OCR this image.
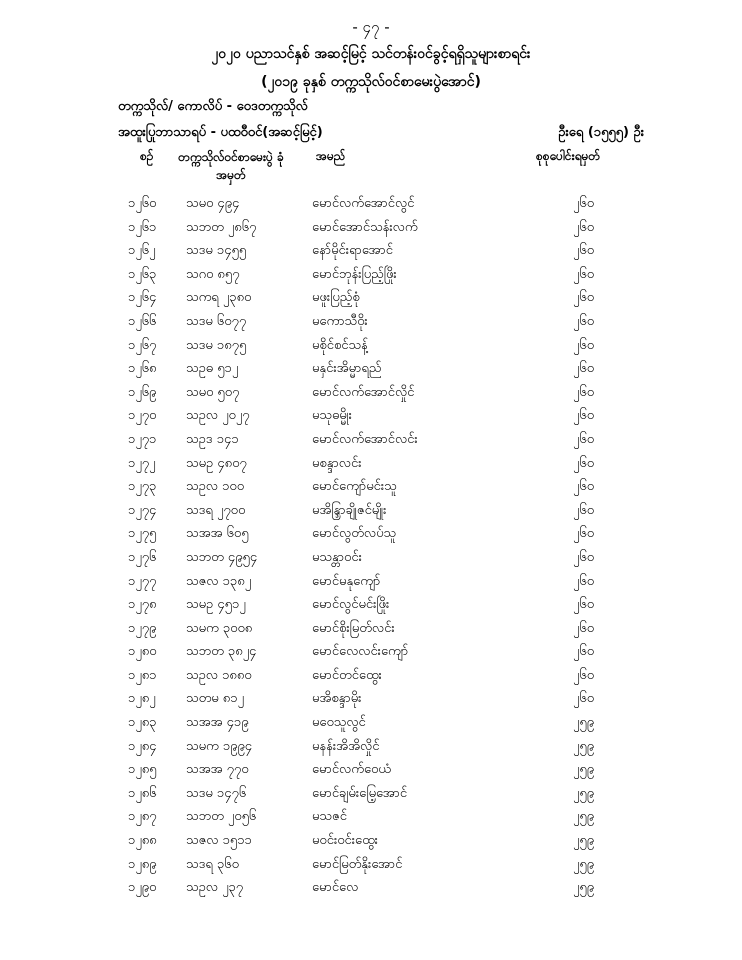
- ၄၇ -
၂၀၂၀ ပညာသင်နှစ် အဆင့်မြင့် သင်တန်းဝင်ခွင့်ရရှိသူများစာရင်း
(၂၀၁၉ ခုနှစ် တက္ကသိုလ်ဝင်စာမေးပွဲအောင်)
တက္ကသိုလ်/ ကောလိပ် - ဝေဒတက္ကသိုလ်
အထူးပြုဘာသာရပ် - ပထဝီဝင်(အဆင့်မြင့်)	ဦးရေ (၁၅၅၅) ဦး
စဉ် တက္ကသိုလ်ဝင်စာမေးပွဲ ခုံအမှတ်
အမည်	စုစုပေါင်းရမှတ်
၁၂၆၀ သမဝ ၄၉၄	မောင်လက်အောင်လွင်	၂၆၀
၁၂၆၁ သဘတ ၂၈၆၇	မောင်အောင်သန်းလက်	၂၆၀
၁၂၆၂ သဒမ ၁၄၅၅	နော်မိုင်းရာအောင်	၂၆၀
၁၂၆၃ သဂဝ ၈၅၇	မောင်ဘုန်းပြည့်ဖြိုး	၂၆၀
၁၂၆၄ သကရ ၂၃၈၀	မဖူးပြည့်စုံ	၂၆၀
၁၂၆၆ သဒမ ၆၀၇၇	မကောသီဝိုး	၂၆၀
၁၂၆၇ သဒမ ၁၈၇၅	မစိုင်စင်သန့်	၂၆၀
၁၂၆၈ သဥဓ ၅၁၂	မနှင်းအိမ္မာရည်	၂၆၀
၁၂၆၉ သမဝ ၅၀၇	မောင်လက်အောင်လှိုင်	၂၆၀
၁၂၇၀ သဥလ ၂၀၂၇	မသုဓမ္မိုး	၂၆၀
၁၂၇၁ သဥဒ ၁၄၁	မောင်လက်အောင်လင်း	၂၆၀
၁၂၇၂ သမဥ ၄၈၀၇	မစန္ဒာလင်း	၂၆၀
၁၂၇၃ သဥလ ၁၀၀	မောင်ကျော်မင်းသူ	၂၆၀
၁၂၇၄ သဒရ ၂၇၀၀	မအိန္ဒြာချိုဇင်မျိုး	၂၆၀
၁၂၇၅ သအအ ၆၀၅	မောင်လွတ်လပ်သူ	၂၆၀
၁၂၇၆ သဘတ ၄၉၅၄	မသန္တာဝင်း	၂၆၀
၁၂၇၇ သဇလ ၁၃၈၂	မောင်မနုကျော်	၂၆၀
၁၂၇၈ သမဥ ၄၅၁၂	မောင်လွင်မင်းဖြိုး	၂၆၀
၁၂၇၉ သမက ၃၀၀၈	မောင်စိုးမြတ်လင်း	၂၆၀
၁၂၈၀ သဘတ ၃၈၂၄	မောင်လေလင်းကျော်	၂၆၀
၁၂၈၁ သဥလ ၁၈၈၀	မောင်တင်ထွေး	၂၆၀
၁၂၈၂ သတမ ၈၁၂	မအိစန္ဒာမိုး	၂၆၀
၁၂၈၃ သအအ ၄၁၉	မဝေသူလွင်	၂၅၉
၁၂၈၄ သမက ၁၉၉၄	မနန်းအိအိလှိုင်	၂၅၉
၁၂၈၅ သအအ ၇၇၀	မောင်လက်ဝေယံ	၂၅၉
၁၂၈၆ သဒမ ၁၄၇၆	မောင်ချမ်းမြေ့အောင်	၂၅၉
၁၂၈၇ သဘတ ၂၀၅၆	မသဇင်	၂၅၉
၁၂၈၈ သဇလ ၁၅၁၁	မဝင်းဝင်းထွေး	၂၅၉
၁၂၈၉ သဒရ ၃၆၀	မောင်မြတ်နိုးအောင်	၂၅၉
၁၂၉၀ သဥလ ၂၃၇	မောင်လေ	၂၅၉
